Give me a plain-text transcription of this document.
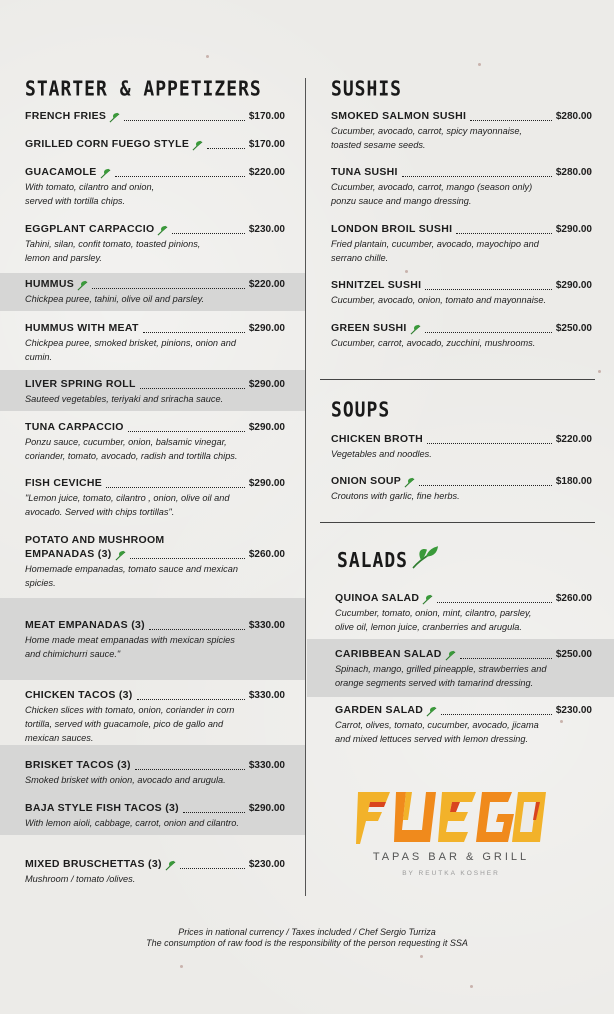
STARTER & APPETIZERS	SUSHIS
SOUPS
SALADS
FRENCH FRIES	$170.00
GRILLED CORN FUEGO STYLE	$170.00
GUACAMOLE	$220.00
With tomato, cilantro and onion,
served with tortilla chips.
EGGPLANT CARPACCIO	$230.00
Tahini, silan, confit tomato, toasted pinions,
lemon and parsley.
HUMMUS	$220.00
Chickpea puree, tahini, olive oil and parsley.
HUMMUS WITH MEAT	$290.00
Chickpea puree, smoked brisket, pinions, onion and
cumin.
LIVER SPRING ROLL	$290.00
Sauteed vegetables, teriyaki and sriracha sauce.
TUNA CARPACCIO	$290.00
Ponzu sauce, cucumber, onion, balsamic vinegar,
coriander, tomato, avocado, radish and tortilla chips.
FISH CEVICHE	$290.00
"Lemon juice, tomato, cilantro , onion, olive oil and
avocado. Served with chips tortillas".
POTATO AND MUSHROOM
EMPANADAS (3)	$260.00
Homemade empanadas, tomato sauce and mexican
spicies.
MEAT EMPANADAS (3)	$330.00
Home made meat empanadas with mexican spicies
and chimichurri sauce."
CHICKEN TACOS (3)	$330.00
Chicken slices with tomato, onion, coriander in corn
tortilla, served with guacamole, pico de gallo and
mexican sauces.
BRISKET TACOS (3)	$330.00
Smoked brisket with onion, avocado and arugula.
BAJA STYLE FISH TACOS (3)	$290.00
With lemon aioli, cabbage, carrot, onion and cilantro.
MIXED BRUSCHETTAS (3)	$230.00
Mushroom / tomato /olives.
SMOKED SALMON SUSHI	$280.00
Cucumber, avocado, carrot, spicy mayonnaise,
toasted sesame seeds.
TUNA SUSHI	$280.00
Cucumber, avocado, carrot, mango (season only)
ponzu sauce and mango dressing.
LONDON BROIL SUSHI	$290.00
Fried plantain, cucumber, avocado, mayochipo and
serrano chille.
SHNITZEL SUSHI	$290.00
Cucumber, avocado, onion, tomato and mayonnaise.
GREEN SUSHI	$250.00
Cucumber, carrot, avocado, zucchini, mushrooms.
CHICKEN BROTH	$220.00
Vegetables and noodles.
ONION SOUP	$180.00
Croutons with garlic, fine herbs.
QUINOA SALAD	$260.00
Cucumber, tomato, onion, mint, cilantro, parsley,
olive oil, lemon juice, cranberries and arugula.
CARIBBEAN SALAD	$250.00
Spinach, mango, grilled pineapple, strawberries and
orange segments served with tamarind dressing.
GARDEN SALAD	$230.00
Carrot, olives, tomato, cucumber, avocado, jicama
and mixed lettuces served with lemon dressing.
TAPAS BAR & GRILL
BY REUTKA KOSHER
Prices in national currency / Taxes included / Chef Sergio Turriza
The consumption of raw food is the responsibility of the person requesting it SSA
